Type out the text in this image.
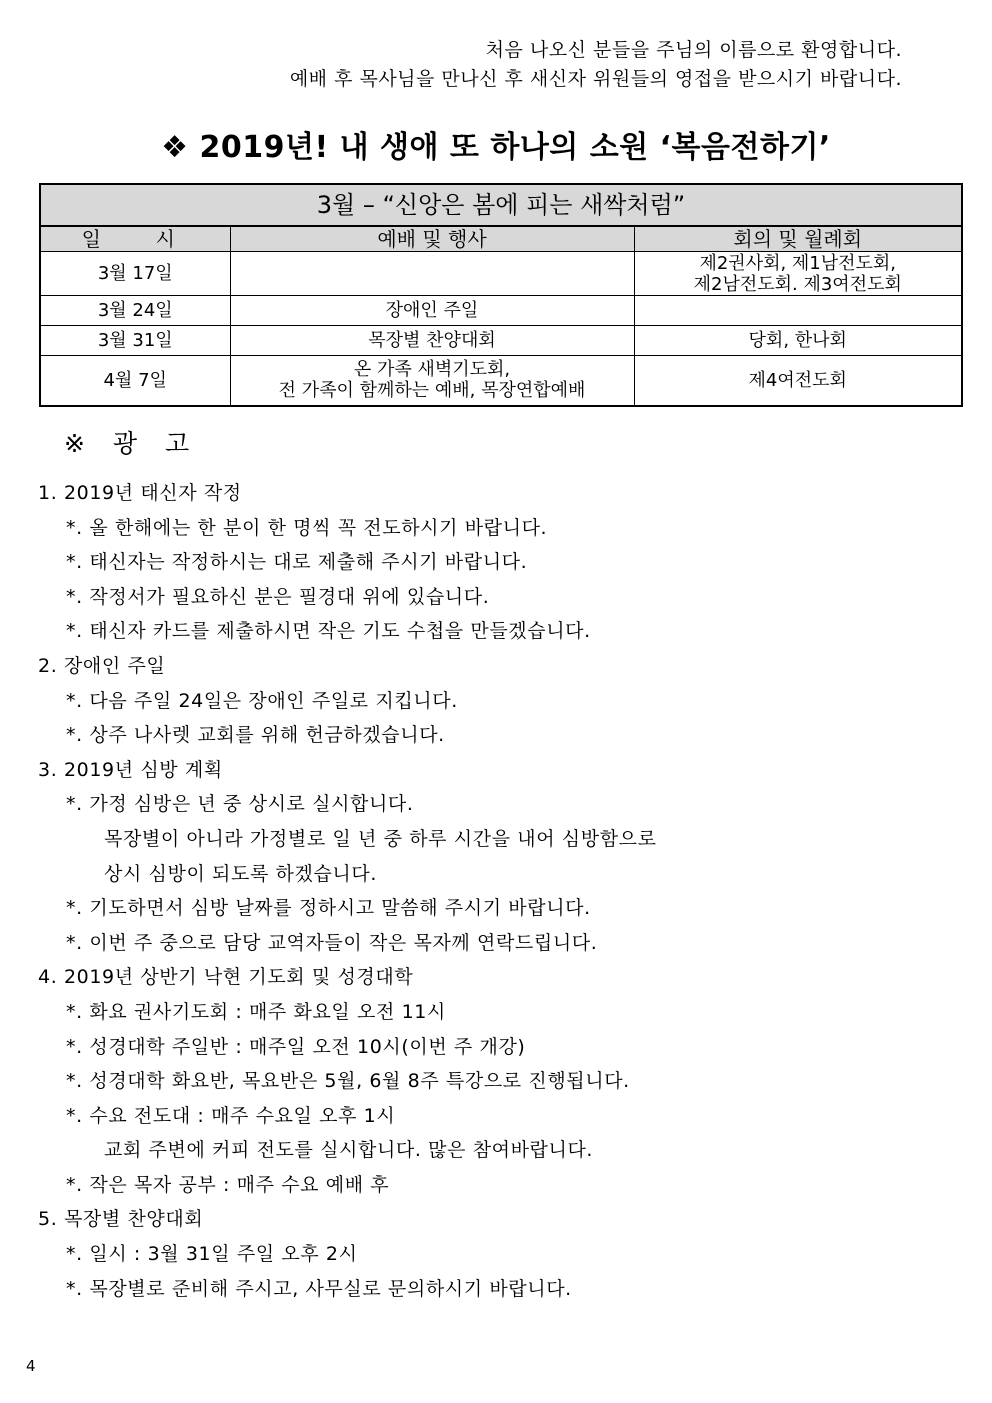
처음 나오신 분들을 주님의 이름으로 환영합니다.
예배 후 목사님을 만나신 후 새신자 위원들의 영접을 받으시기 바랍니다.
❖ 2019년! 내 생애 또 하나의 소원 ‘복음전하기’
3월 – “신앙은 봄에 피는 새싹처럼”		
일  시	예배 및 행사	회의 및 월례회
3월 17일		제2권사회, 제1남전도회,
제2남전도회. 제3여전도회

3월 24일	장애인 주일	
3월 31일	목장별 찬양대회	당회, 한나회
4월 7일	온 가족 새벽기도회,
전 가족이 함께하는 예배, 목장연합예배	제4여전도회
※ 광 고
1. 2019년 태신자 작정
*. 올 한해에는 한 분이 한 명씩 꼭 전도하시기 바랍니다.
*. 태신자는 작정하시는 대로 제출해 주시기 바랍니다.
*. 작정서가 필요하신 분은 필경대 위에 있습니다.
*. 태신자 카드를 제출하시면 작은 기도 수첩을 만들겠습니다.
2. 장애인 주일
*. 다음 주일 24일은 장애인 주일로 지킵니다.
*. 상주 나사렛 교회를 위해 헌금하겠습니다.
3. 2019년 심방 계획
*. 가정 심방은 년 중 상시로 실시합니다.
목장별이 아니라 가정별로 일 년 중 하루 시간을 내어 심방함으로
상시 심방이 되도록 하겠습니다.
*. 기도하면서 심방 날짜를 정하시고 말씀해 주시기 바랍니다.
*. 이번 주 중으로 담당 교역자들이 작은 목자께 연락드립니다.
4. 2019년 상반기 낙현 기도회 및 성경대학
*. 화요 권사기도회 : 매주 화요일 오전 11시
*. 성경대학 주일반 : 매주일 오전 10시(이번 주 개강)
*. 성경대학 화요반, 목요반은 5월, 6월 8주 특강으로 진행됩니다.
*. 수요 전도대 : 매주 수요일 오후 1시
교회 주변에 커피 전도를 실시합니다. 많은 참여바랍니다.
*. 작은 목자 공부 : 매주 수요 예배 후
5. 목장별 찬양대회
*. 일시 : 3월 31일 주일 오후 2시
*. 목장별로 준비해 주시고, 사무실로 문의하시기 바랍니다.
4
